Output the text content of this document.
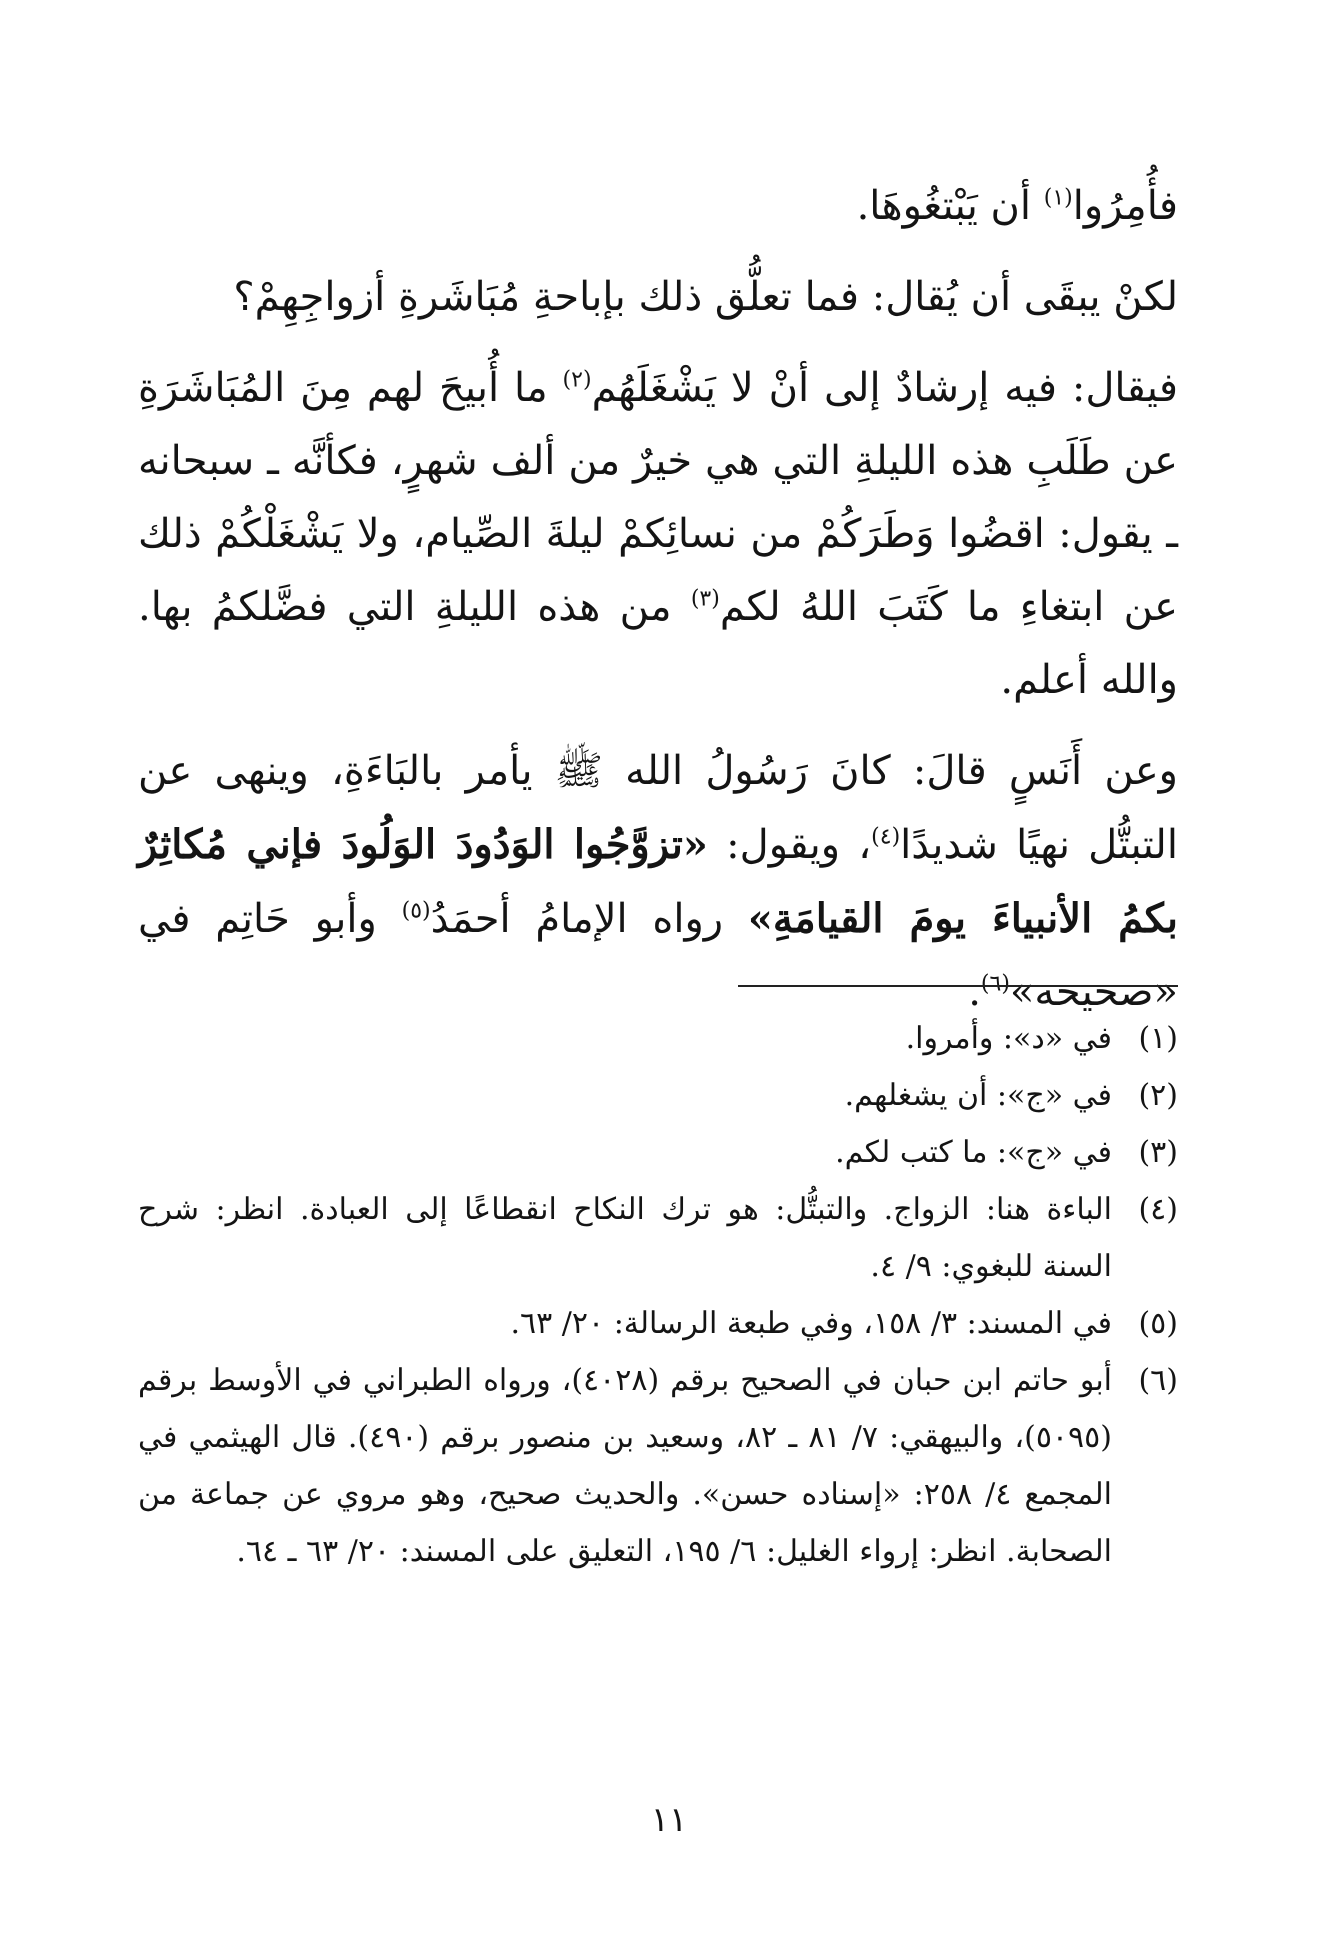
فأُمِرُوا$^{(١)}$ أن يَبْتغُوهَا.

لكنْ يبقَى أن يُقال: فما تعلُّق ذلك بإباحةِ مُبَاشَرةِ أزواجِهِمْ؟

فيقال: فيه إرشادٌ إلى أنْ لا يَشْغَلَهُم$^{(٢)}$ ما أُبيحَ لهم مِنَ المُبَاشَرَةِ عن طَلَبِ هذه الليلةِ التي هي خيرٌ من ألف شهرٍ، فكأنَّه ـ سبحانه ـ يقول: اقضُوا وَطَرَكُمْ من نسائِكمْ ليلةَ الصِّيام، ولا يَشْغَلْكُمْ ذلك عن ابتغاءِ ما كَتَبَ اللهُ لكم$^{(٣)}$ من هذه الليلةِ التي فضَّلكمُ بها. والله أعلم.

وعن أَنَسٍ قالَ: كانَ رَسُولُ الله ﷺ يأمر بالبَاءَةِ، وينهى عن التبتُّل نهيًا شديدًا$^{(٤)}$، ويقول: «تزوَّجُوا الوَدُودَ الوَلُودَ فإني مُكاثِرٌ بكمُ الأنبياءَ يومَ القيامَةِ» رواه الإمامُ أحمَدُ$^{(٥)}$ وأبو حَاتِم في «صحيحه»$^{(٦)}$.

(١)
في «د»: وأمروا.
(٢)
في «ج»: أن يشغلهم.
(٣)
في «ج»: ما كتب لكم.
(٤)
الباءة هنا: الزواج. والتبتُّل: هو ترك النكاح انقطاعًا إلى العبادة. انظر: شرح السنة للبغوي: ٩/ ٤.
(٥)
في المسند: ٣/ ١٥٨، وفي طبعة الرسالة: ٢٠/ ٦٣.
(٦)
أبو حاتم ابن حبان في الصحيح برقم (٤٠٢٨)، ورواه الطبراني في الأوسط برقم (٥٠٩٥)، والبيهقي: ٧/ ٨١ ـ ٨٢، وسعيد بن منصور برقم (٤٩٠). قال الهيثمي في المجمع ٤/ ٢٥٨: «إسناده حسن». والحديث صحيح، وهو مروي عن جماعة من الصحابة. انظر: إرواء الغليل: ٦/ ١٩٥، التعليق على المسند: ٢٠/ ٦٣ ـ ٦٤.
١١
